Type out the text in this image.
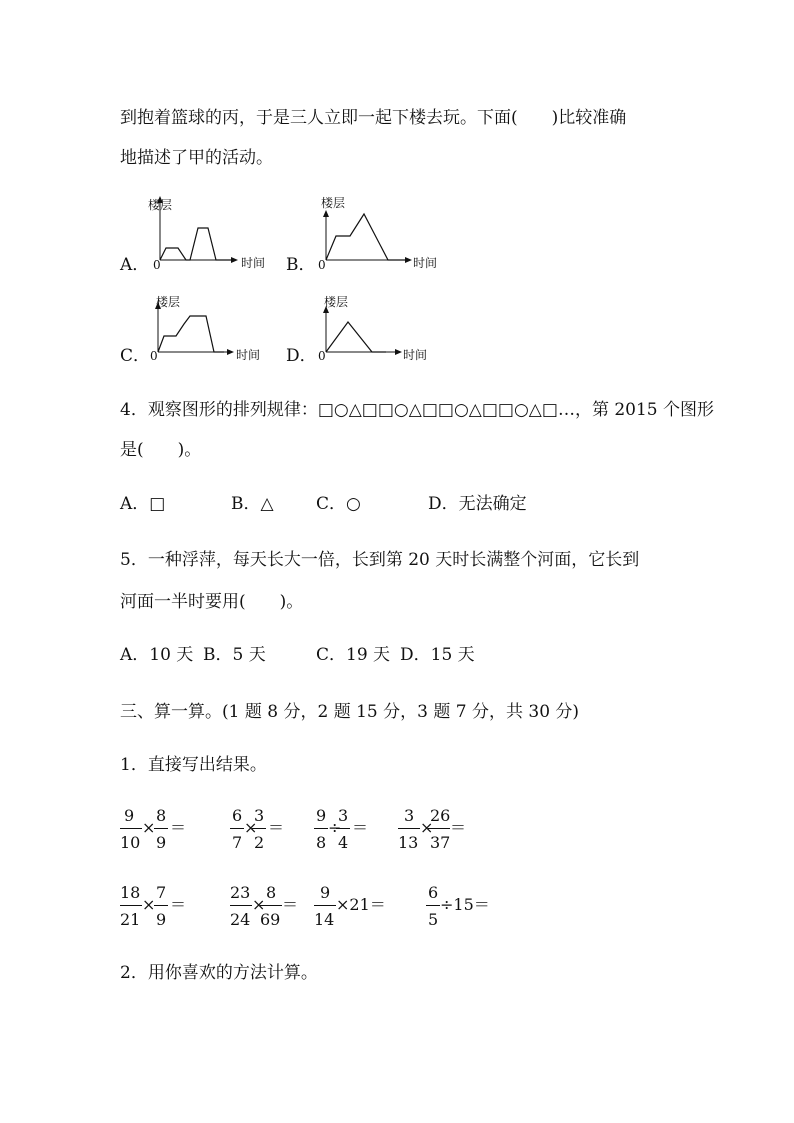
到抱着篮球的丙，于是三人立即一起下楼去玩。下面(　　)比较准确
地描述了甲的活动。
A．	B．
C．	D．
楼层
时间
0
楼层
时间
0
楼层
时间
0
楼层
时间
0
4．观察图形的排列规律：□○△□□○△□□○△□□○△□…，第 2015 个图形
是(　　)。
A．□	B．△ C．○	D．无法确定
5．一种浮萍，每天长大一倍，长到第 20 天时长满整个河面，它长到
河面一半时要用(　　)。
A．10 天 B．5 天	C．19 天 D．15 天
三、算一算。(1 题 8 分，2 题 15 分，3 题 7 分，共 30 分)
1．直接写出结果。
9
10
×
8
9
＝
6
7
×
3
2
＝
9
8
÷
3
4
＝
3
13
×
26
37
＝
18
21
×
7
9
＝
23
24
×
8
69
＝
9
14
×21＝
6
5
÷15＝
2．用你喜欢的方法计算。
